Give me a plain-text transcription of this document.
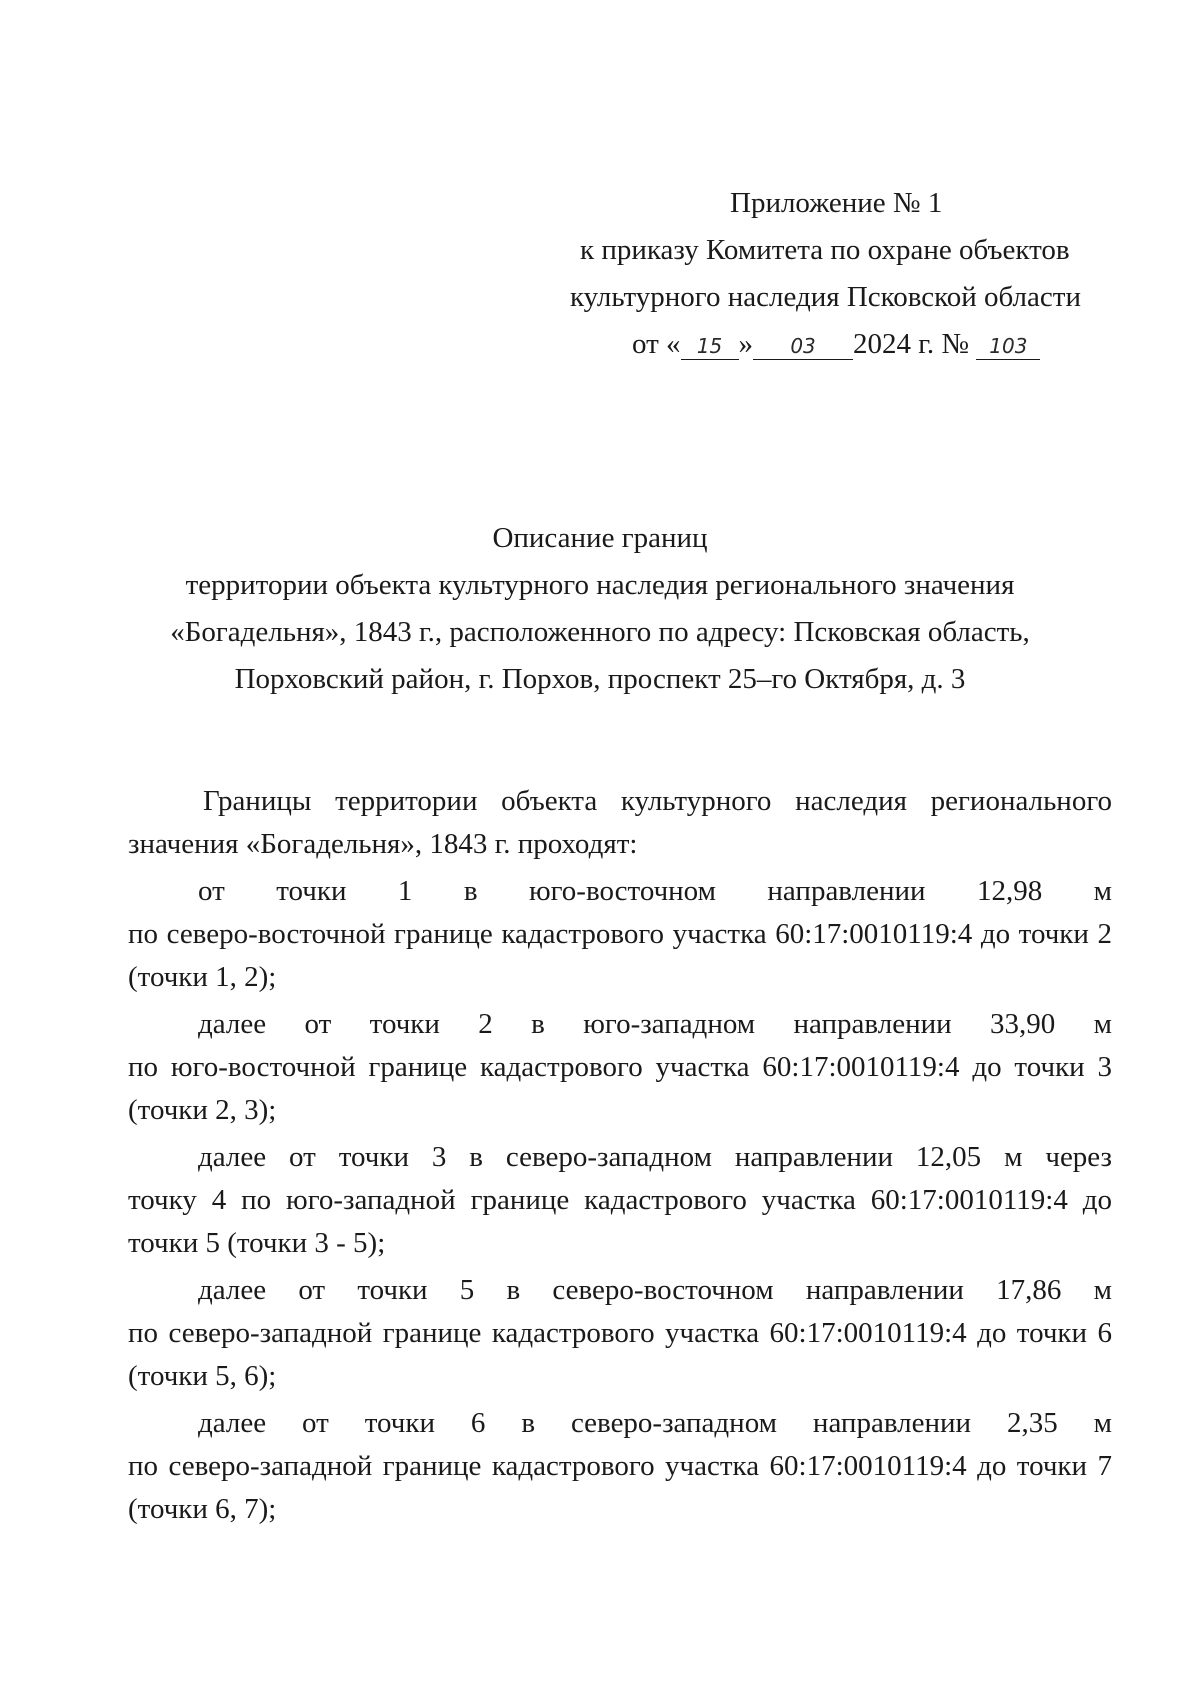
Приложение № 1
к приказу Комитета по охране объектов
культурного наследия Псковской области
от « 15 » 03 2024 г. № 103
Описание границ
территории объекта культурного наследия регионального значения
«Богадельня», 1843 г., расположенного по адресу: Псковская область,
Порховский район, г. Порхов, проспект 25–го Октября, д. 3
Границы территории объекта культурного наследия регионального
значения «Богадельня», 1843 г. проходят:
от точки 1 в юго-восточном направлении 12,98 м
по северо-восточной границе кадастрового участка 60:17:0010119:4 до точки 2 (точки 1, 2);
далее от точки 2 в юго-западном направлении 33,90 м
по юго-восточной границе кадастрового участка 60:17:0010119:4 до точки 3 (точки 2, 3);
далее от точки 3 в северо-западном направлении 12,05 м через
точку 4 по юго-западной границе кадастрового участка 60:17:0010119:4 до точки 5 (точки 3 - 5);
далее от точки 5 в северо-восточном направлении 17,86 м
по северо-западной границе кадастрового участка 60:17:0010119:4 до точки 6 (точки 5, 6);
далее от точки 6 в северо-западном направлении 2,35 м
по северо-западной границе кадастрового участка 60:17:0010119:4 до точки 7 (точки 6, 7);
